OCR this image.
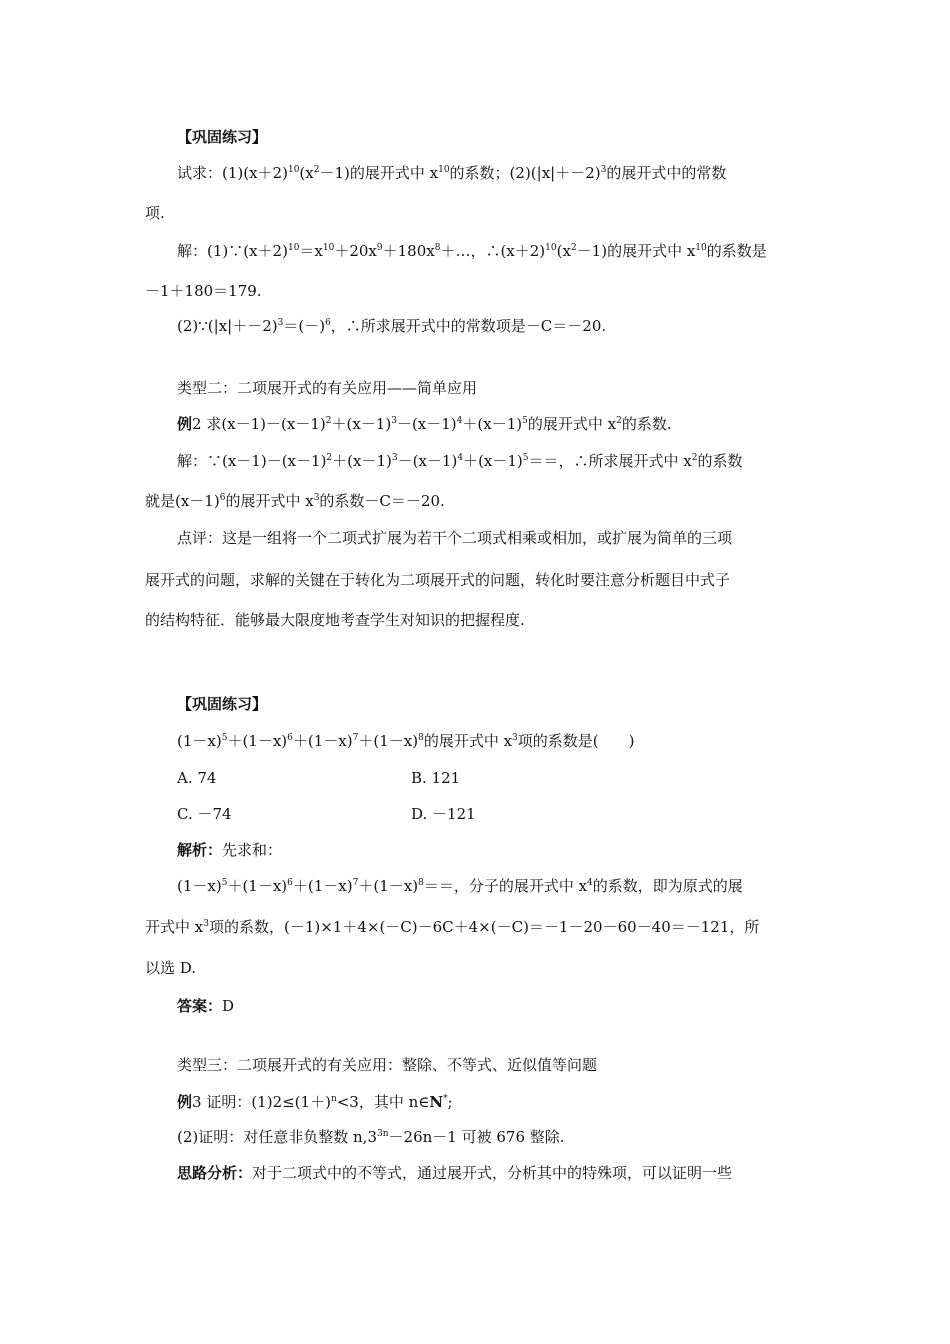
【巩固练习】
试求：$(1)(x+2)^{10}(x^2-1)$的展开式中 $x^{10}$的系数；$(2)(|x|+-2)^3$的展开式中的常数
项.
解：$(1)\because(x+2)^{10}=x^{10}+20x^9+180x^8+\dots$，$\therefore(x+2)^{10}(x^2-1)$的展开式中 $x^{10}$的系数是
－1＋180＝179.
$(2)\because(|x|+-2)^3=(-)^6$，∴所求展开式中的常数项是－C＝－20.
类型二：二项展开式的有关应用——简单应用
例2 求$(x-1)-(x-1)^2+(x-1)^3-(x-1)^4+(x-1)^5$的展开式中 $x^2$的系数.
解：$\because(x-1)-(x-1)^2+(x-1)^3-(x-1)^4+(x-1)^5==$，∴所求展开式中 $x^2$的系数
就是$(x-1)^6$的展开式中 $x^3$的系数－C＝－20.
点评：这是一组将一个二项式扩展为若干个二项式相乘或相加，或扩展为简单的三项
展开式的问题，求解的关键在于转化为二项展开式的问题，转化时要注意分析题目中式子
的结构特征．能够最大限度地考查学生对知识的把握程度.
【巩固练习】
$(1-x)^5+(1-x)^6+(1-x)^7+(1-x)^8$的展开式中 $x^3$项的系数是(　　)
A. 74	B. 121
C. －74	D. －121
解析：先求和：
$(1-x)^5+(1-x)^6+(1-x)^7+(1-x)^8==$，分子的展开式中 $x^4$的系数，即为原式的展
开式中 $x^3$项的系数，(－1)×1＋4×(－C)－6C＋4×(－C)＝－1－20－60－40＝－121，所
以选 D.
答案：D
类型三：二项展开式的有关应用：整除、不等式、近似值等问题
例3 证明：$(1)2\le(1+)^n<3$，其中 n∈N*;
(2)证明：对任意非负整数 $n,3^{3n}-26n-1$ 可被 676 整除.
思路分析：对于二项式中的不等式，通过展开式，分析其中的特殊项，可以证明一些
